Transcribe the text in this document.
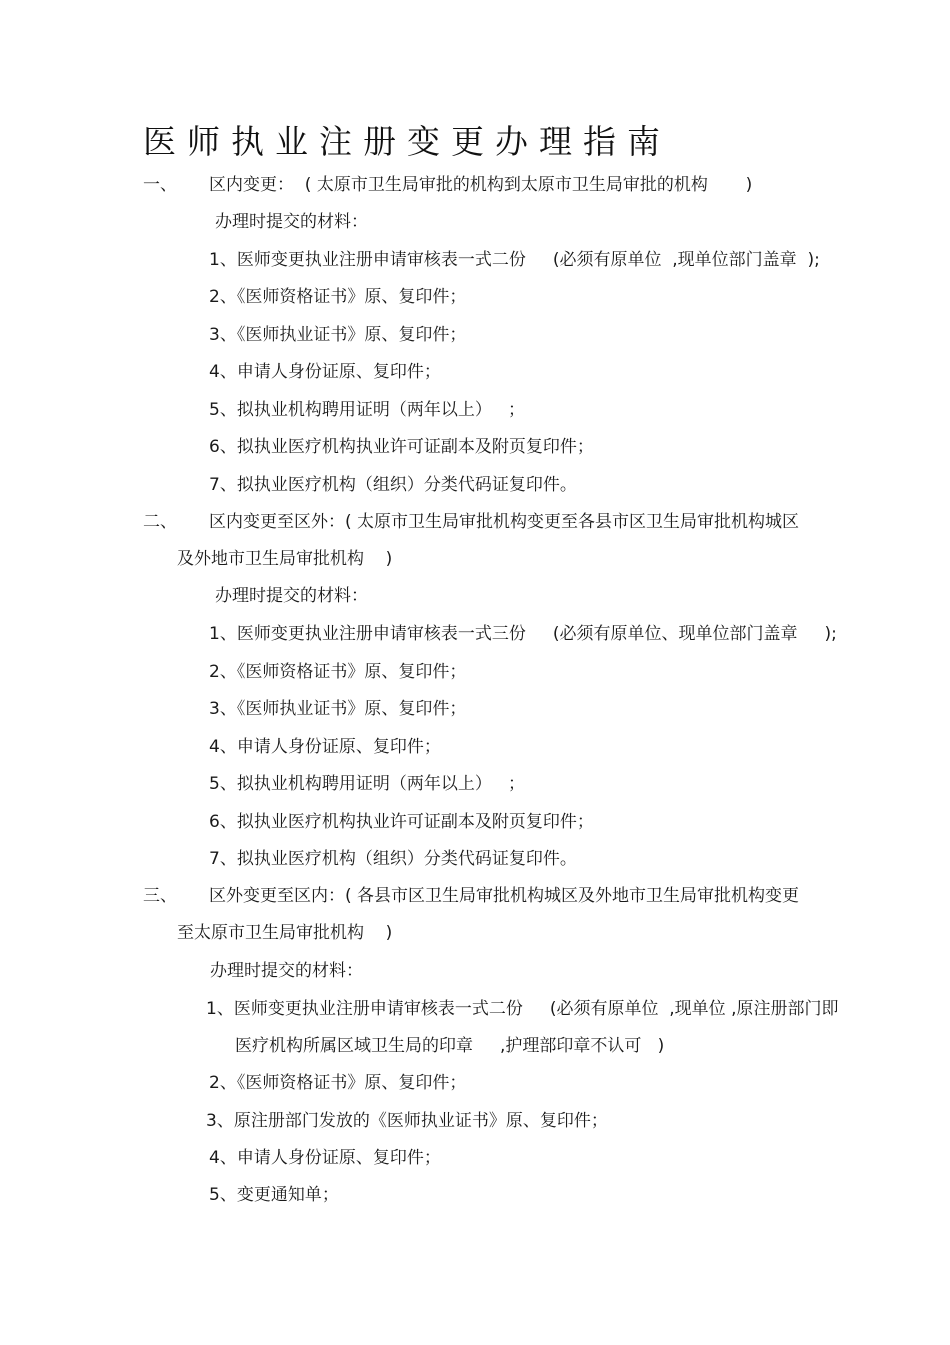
医师执业注册变更办理指南
一、 区内变更：  ( 太原市卫生局审批的机构到太原市卫生局审批的机构       )
办理时提交的材料：
1、医师变更执业注册申请审核表一式二份     (必须有原单位  ,现单位部门盖章  );
2、《医师资格证书》原、复印件；
3、《医师执业证书》原、复印件；
4、申请人身份证原、复印件；
5、拟执业机构聘用证明（两年以上）   ；
6、拟执业医疗机构执业许可证副本及附页复印件；
7、拟执业医疗机构（组织）分类代码证复印件。
二、 区内变更至区外：( 太原市卫生局审批机构变更至各县市区卫生局审批机构城区
及外地市卫生局审批机构    )
办理时提交的材料：
1、医师变更执业注册申请审核表一式三份     (必须有原单位、现单位部门盖章     );
2、《医师资格证书》原、复印件；
3、《医师执业证书》原、复印件；
4、申请人身份证原、复印件；
5、拟执业机构聘用证明（两年以上）   ；
6、拟执业医疗机构执业许可证副本及附页复印件；
7、拟执业医疗机构（组织）分类代码证复印件。
三、 区外变更至区内：( 各县市区卫生局审批机构城区及外地市卫生局审批机构变更
至太原市卫生局审批机构    )
办理时提交的材料：
1、医师变更执业注册申请审核表一式二份     (必须有原单位  ,现单位 ,原注册部门即
医疗机构所属区域卫生局的印章     ,护理部印章不认可   )
2、《医师资格证书》原、复印件；
3、原注册部门发放的《医师执业证书》原、复印件；
4、申请人身份证原、复印件；
5、变更通知单；
